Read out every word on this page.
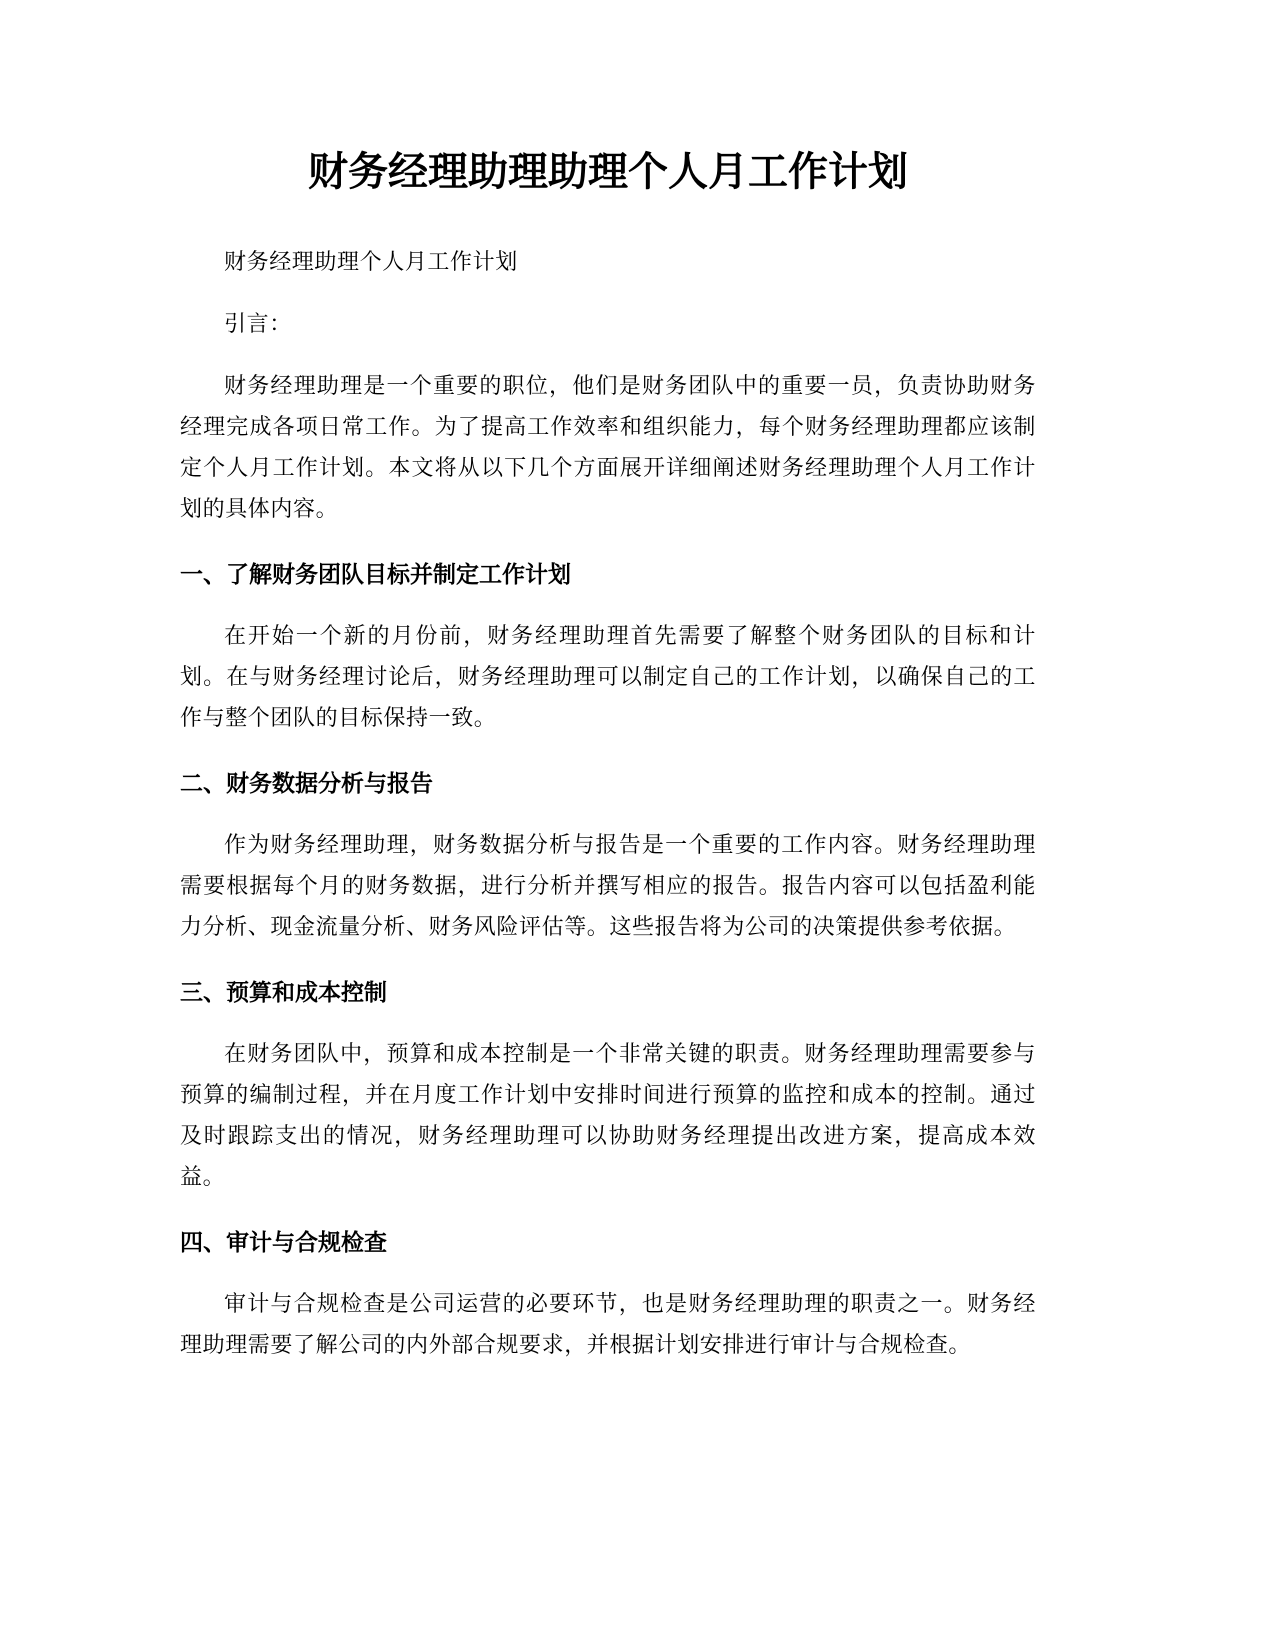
财务经理助理助理个人月工作计划

财务经理助理个人月工作计划

引言：

财务经理助理是一个重要的职位，他们是财务团队中的重要一员，负责协助财务经理完成各项日常工作。为了提高工作效率和组织能力，每个财务经理助理都应该制定个人月工作计划。本文将从以下几个方面展开详细阐述财务经理助理个人月工作计划的具体内容。

一、了解财务团队目标并制定工作计划

在开始一个新的月份前，财务经理助理首先需要了解整个财务团队的目标和计划。在与财务经理讨论后，财务经理助理可以制定自己的工作计划，以确保自己的工作与整个团队的目标保持一致。

二、财务数据分析与报告

作为财务经理助理，财务数据分析与报告是一个重要的工作内容。财务经理助理需要根据每个月的财务数据，进行分析并撰写相应的报告。报告内容可以包括盈利能力分析、现金流量分析、财务风险评估等。这些报告将为公司的决策提供参考依据。

三、预算和成本控制

在财务团队中，预算和成本控制是一个非常关键的职责。财务经理助理需要参与预算的编制过程，并在月度工作计划中安排时间进行预算的监控和成本的控制。通过及时跟踪支出的情况，财务经理助理可以协助财务经理提出改进方案，提高成本效益。

四、审计与合规检查

审计与合规检查是公司运营的必要环节，也是财务经理助理的职责之一。财务经理助理需要了解公司的内外部合规要求，并根据计划安排进行审计与合规检查。
